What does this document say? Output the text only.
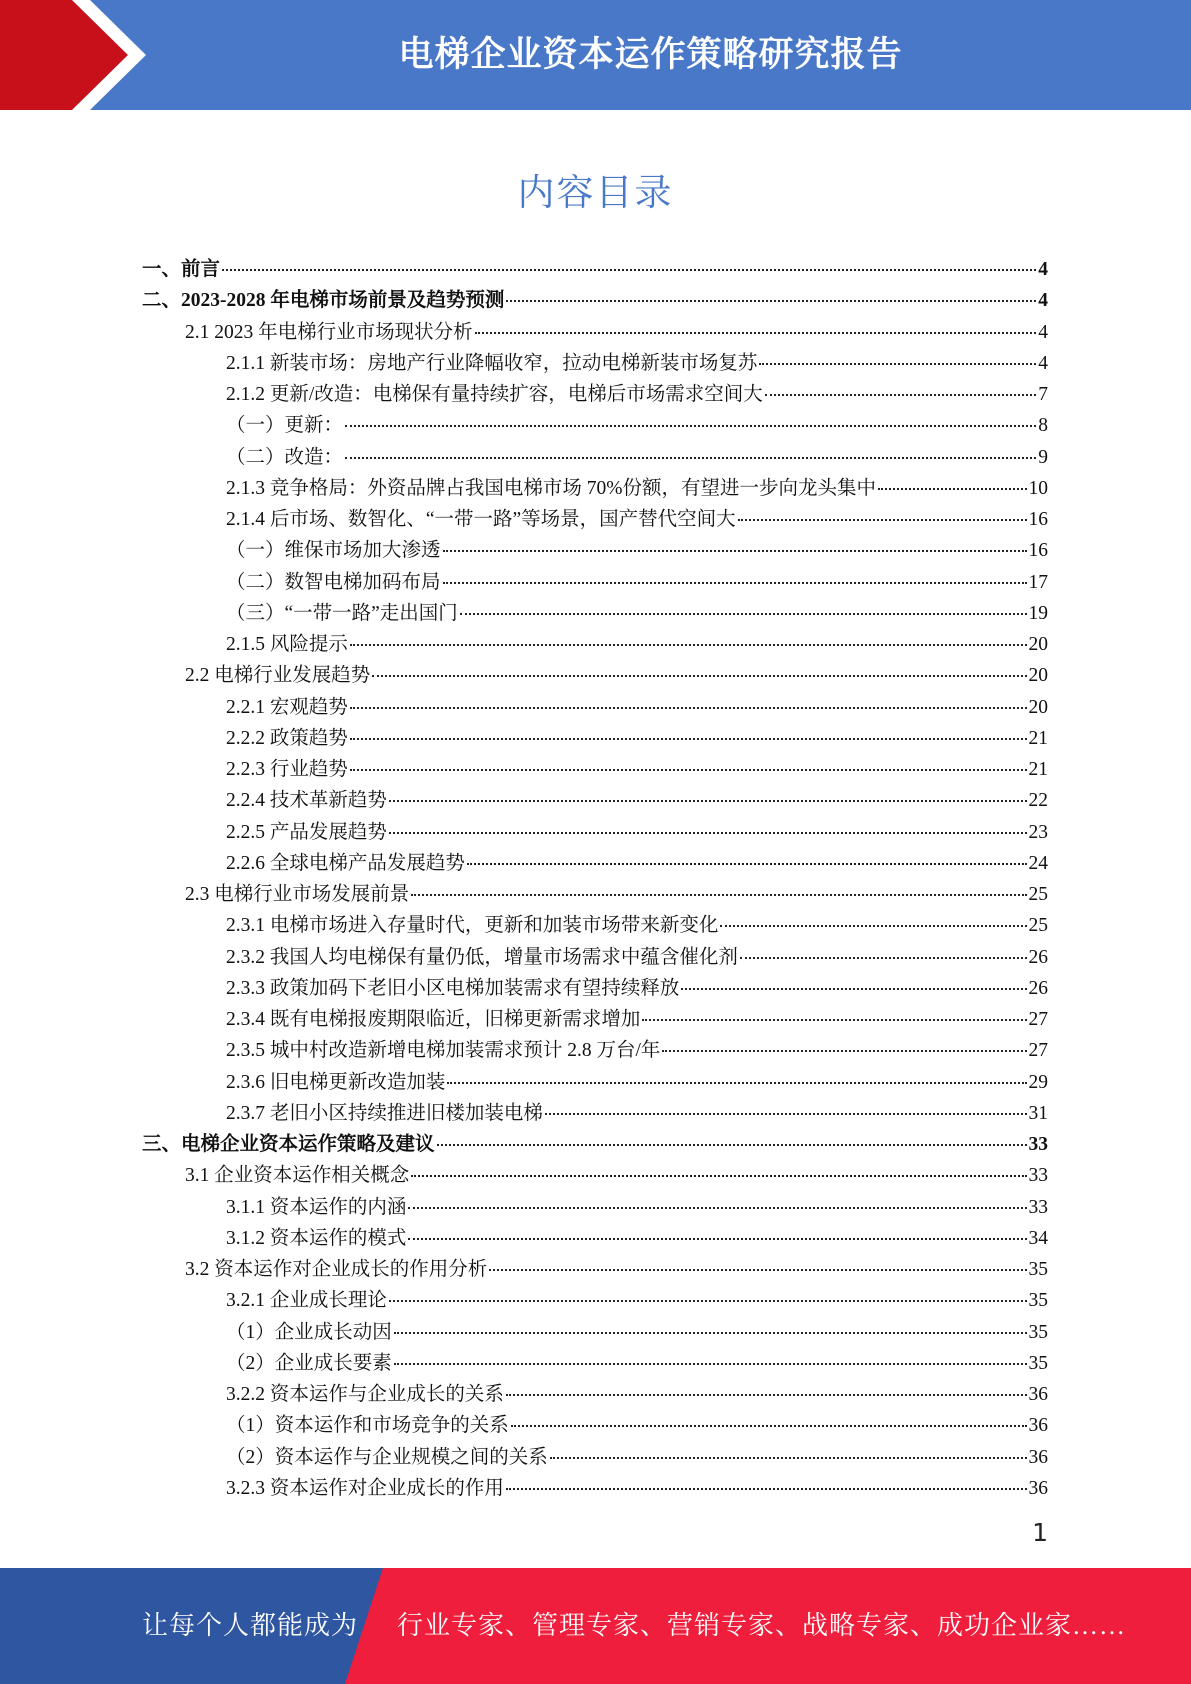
电梯企业资本运作策略研究报告
内容目录
一、前言	4
二、2023-2028 年电梯市场前景及趋势预测	4
2.1 2023 年电梯行业市场现状分析	4
2.1.1 新装市场：房地产行业降幅收窄，拉动电梯新装市场复苏	4
2.1.2 更新/改造：电梯保有量持续扩容，电梯后市场需求空间大	7
（一）更新：	8
（二）改造：	9
2.1.3 竞争格局：外资品牌占我国电梯市场 70%份额，有望进一步向龙头集中	10
2.1.4 后市场、数智化、“一带一路”等场景，国产替代空间大	16
（一）维保市场加大渗透	16
（二）数智电梯加码布局	17
（三）“一带一路”走出国门	19
2.1.5 风险提示	20
2.2 电梯行业发展趋势	20
2.2.1 宏观趋势	20
2.2.2 政策趋势	21
2.2.3 行业趋势	21
2.2.4 技术革新趋势	22
2.2.5 产品发展趋势	23
2.2.6 全球电梯产品发展趋势	24
2.3 电梯行业市场发展前景	25
2.3.1 电梯市场进入存量时代，更新和加装市场带来新变化	25
2.3.2 我国人均电梯保有量仍低，增量市场需求中蕴含催化剂	26
2.3.3 政策加码下老旧小区电梯加装需求有望持续释放	26
2.3.4 既有电梯报废期限临近，旧梯更新需求增加	27
2.3.5 城中村改造新增电梯加装需求预计 2.8 万台/年	27
2.3.6 旧电梯更新改造加装	29
2.3.7 老旧小区持续推进旧楼加装电梯	31
三、电梯企业资本运作策略及建议	33
3.1 企业资本运作相关概念	33
3.1.1 资本运作的内涵	33
3.1.2 资本运作的模式	34
3.2 资本运作对企业成长的作用分析	35
3.2.1 企业成长理论	35
（1）企业成长动因	35
（2）企业成长要素	35
3.2.2 资本运作与企业成长的关系	36
（1）资本运作和市场竞争的关系	36
（2）资本运作与企业规模之间的关系	36
3.2.3 资本运作对企业成长的作用	36
1
让每个人都能成为 行业专家、管理专家、营销专家、战略专家、成功企业家……
